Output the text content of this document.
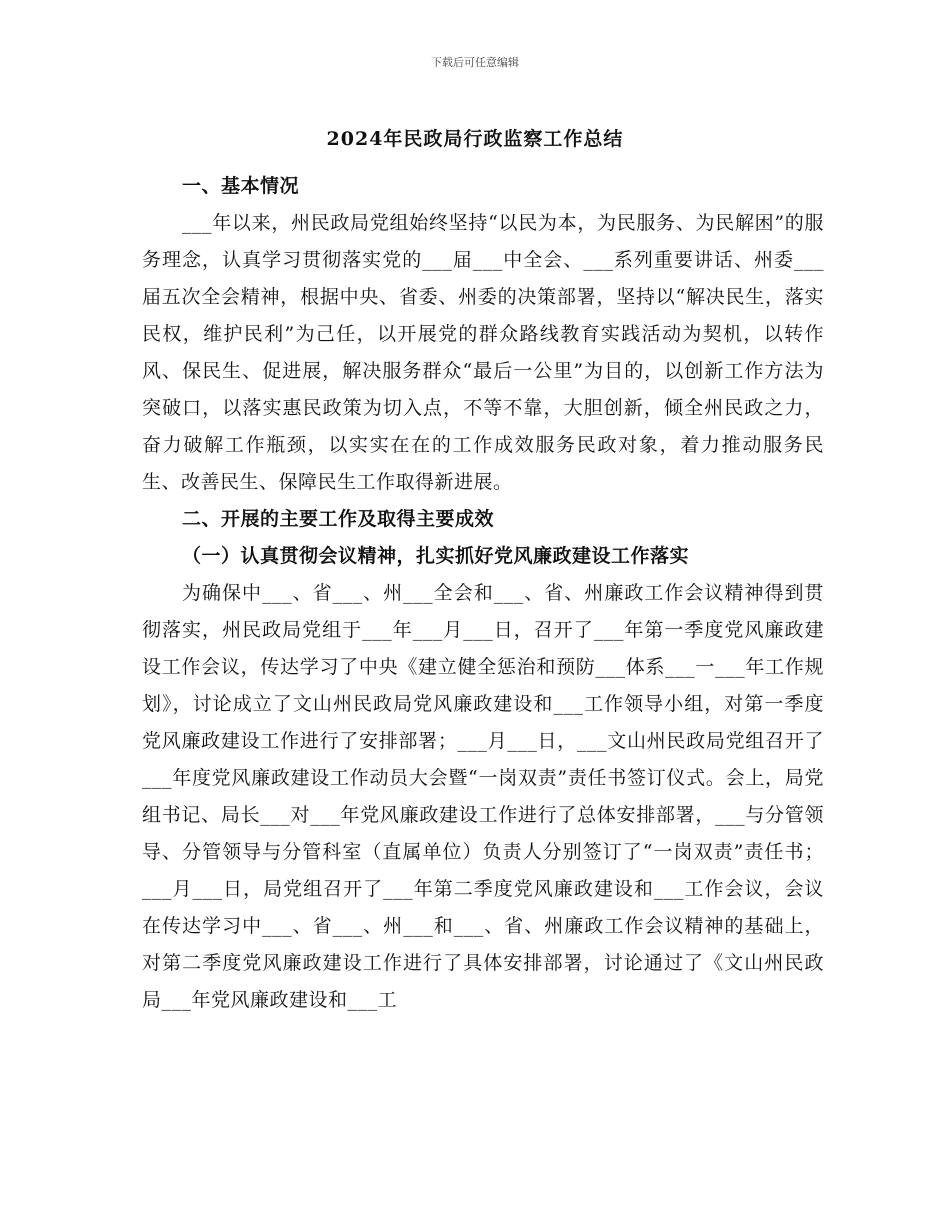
下载后可任意编辑
2024年民政局行政监察工作总结

一、基本情况

___年以来，州民政局党组始终坚持“以民为本，为民服务、为民解困”的服务理念，认真学习贯彻落实党的___届___中全会、___系列重要讲话、州委___届五次全会精神，根据中央、省委、州委的决策部署，坚持以“解决民生，落实民权，维护民利”为己任，以开展党的群众路线教育实践活动为契机，以转作风、保民生、促进展，解决服务群众“最后一公里”为目的，以创新工作方法为突破口，以落实惠民政策为切入点，不等不靠，大胆创新，倾全州民政之力，奋力破解工作瓶颈，以实实在在的工作成效服务民政对象，着力推动服务民生、改善民生、保障民生工作取得新进展。

二、开展的主要工作及取得主要成效

（一）认真贯彻会议精神，扎实抓好党风廉政建设工作落实

为确保中___、省___、州___全会和___、省、州廉政工作会议精神得到贯彻落实，州民政局党组于___年___月___日，召开了___年第一季度党风廉政建设工作会议，传达学习了中央《建立健全惩治和预防___体系___一___年工作规划》，讨论成立了文山州民政局党风廉政建设和___工作领导小组，对第一季度党风廉政建设工作进行了安排部署；___月___日，___文山州民政局党组召开了___年度党风廉政建设工作动员大会暨“一岗双责”责任书签订仪式。会上，局党组书记、局长___对___年党风廉政建设工作进行了总体安排部署，___与分管领导、分管领导与分管科室（直属单位）负责人分别签订了“一岗双责”责任书；___月___日，局党组召开了___年第二季度党风廉政建设和___工作会议，会议在传达学习中___、省___、州___和___、省、州廉政工作会议精神的基础上，对第二季度党风廉政建设工作进行了具体安排部署，讨论通过了《文山州民政局___年党风廉政建设和___工
